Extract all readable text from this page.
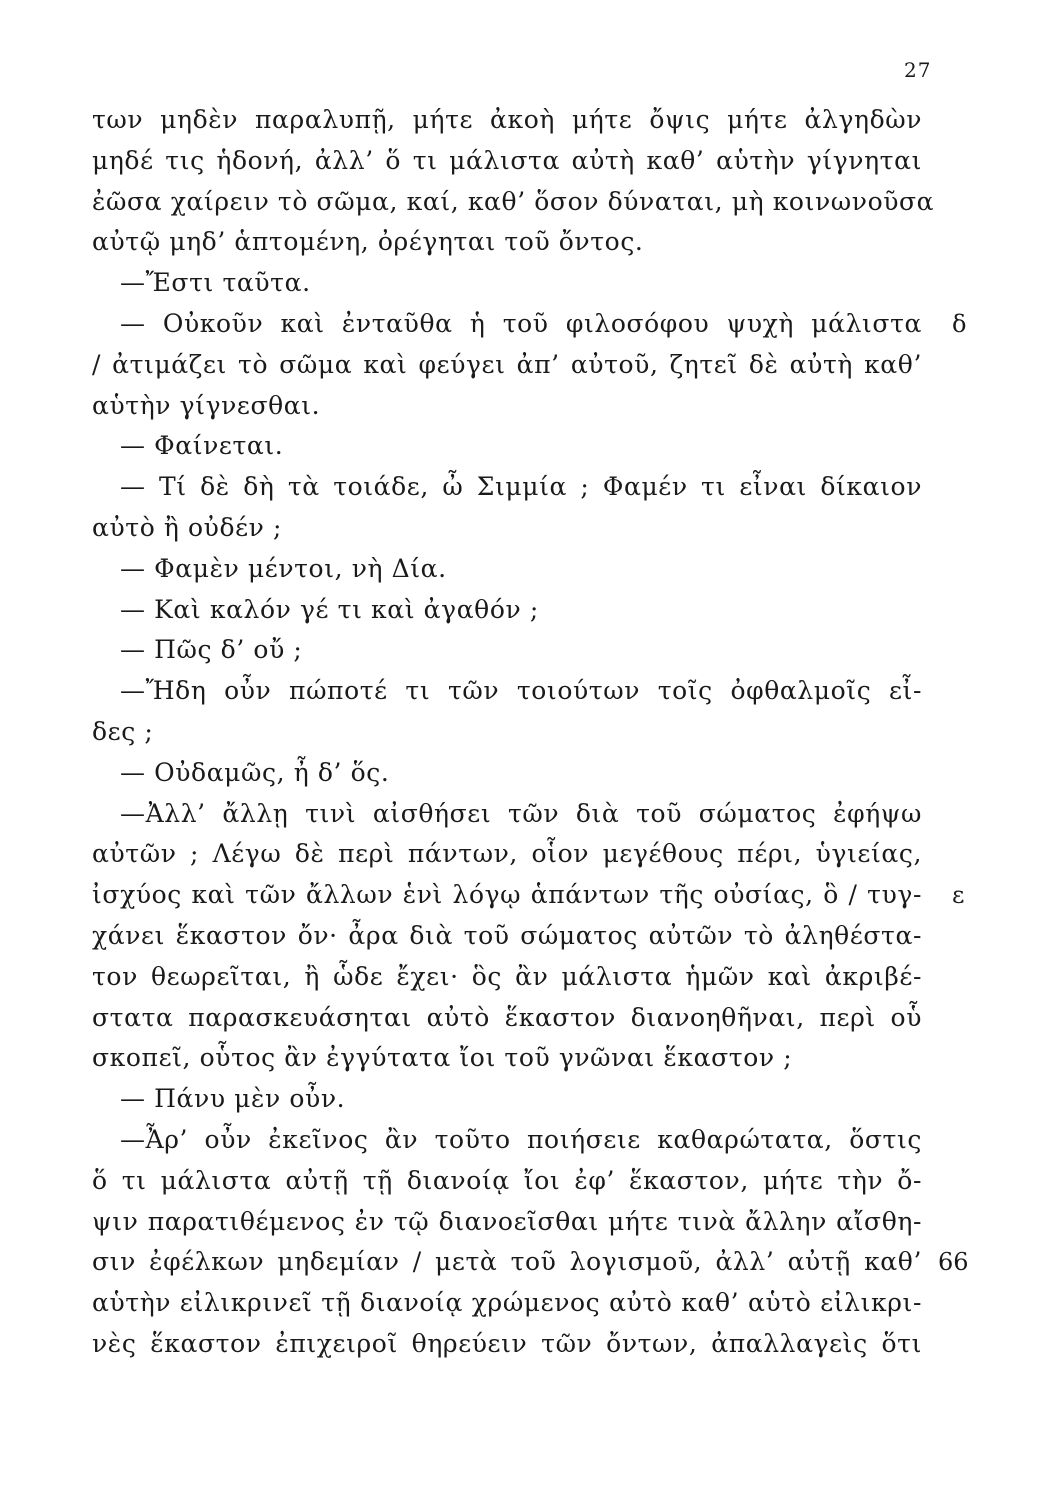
27
των μηδὲν παραλυπῇ, μήτε ἀκοὴ μήτε ὄψις μήτε ἀλγηδὼν
μηδέ τις ἡδονή, ἀλλ’ ὅ τι μάλιστα αὐτὴ καθ’ αὑτὴν γίγνηται
ἐῶσα χαίρειν τὸ σῶμα, καί, καθ’ ὅσον δύναται, μὴ κοινωνοῦσα
αὐτῷ μηδ’ ἁπτομένη, ὀρέγηται τοῦ ὄντος.
—Ἔστι ταῦτα.
— Οὐκοῦν καὶ ἐνταῦθα ἡ τοῦ φιλοσόφου ψυχὴ μάλιστα
/ ἀτιμάζει τὸ σῶμα καὶ φεύγει ἀπ’ αὐτοῦ, ζητεῖ δὲ αὐτὴ καθ’
αὑτὴν γίγνεσθαι.
— Φαίνεται.
— Τί δὲ δὴ τὰ τοιάδε, ὦ Σιμμία ; Φαμέν τι εἶναι δίκαιον
αὐτὸ ἢ οὐδέν ;
— Φαμὲν μέντοι, νὴ Δία.
— Καὶ καλόν γέ τι καὶ ἀγαθόν ;
— Πῶς δ’ οὔ ;
—Ἤδη οὖν πώποτέ τι τῶν τοιούτων τοῖς ὀφθαλμοῖς εἶ-
δες ;
— Οὐδαμῶς, ἦ δ’ ὅς.
—Ἀλλ’ ἄλλῃ τινὶ αἰσθήσει τῶν διὰ τοῦ σώματος ἐφήψω
αὐτῶν ; Λέγω δὲ περὶ πάντων, οἷον μεγέθους πέρι, ὑγιείας,
ἰσχύος καὶ τῶν ἄλλων ἑνὶ λόγῳ ἁπάντων τῆς οὐσίας, ὃ / τυγ-
χάνει ἕκαστον ὄν· ἆρα διὰ τοῦ σώματος αὐτῶν τὸ ἀληθέστα-
τον θεωρεῖται, ἢ ὧδε ἔχει· ὃς ἂν μάλιστα ἡμῶν καὶ ἀκριβέ-
στατα παρασκευάσηται αὐτὸ ἕκαστον διανοηθῆναι, περὶ οὗ
σκοπεῖ, οὗτος ἂν ἐγγύτατα ἴοι τοῦ γνῶναι ἕκαστον ;
— Πάνυ μὲν οὖν.
—Ἆρ’ οὖν ἐκεῖνος ἂν τοῦτο ποιήσειε καθαρώτατα, ὅστις
ὅ τι μάλιστα αὐτῇ τῇ διανοίᾳ ἴοι ἐφ’ ἕκαστον, μήτε τὴν ὄ-
ψιν παρατιθέμενος ἐν τῷ διανοεῖσθαι μήτε τινὰ ἄλλην αἴσθη-
σιν ἐφέλκων μηδεμίαν / μετὰ τοῦ λογισμοῦ, ἀλλ’ αὐτῇ καθ’
αὑτὴν εἰλικρινεῖ τῇ διανοίᾳ χρώμενος αὐτὸ καθ’ αὑτὸ εἰλικρι-
νὲς ἕκαστον ἐπιχειροῖ θηρεύειν τῶν ὄντων, ἀπαλλαγεὶς ὅτι
δ
ε
66
